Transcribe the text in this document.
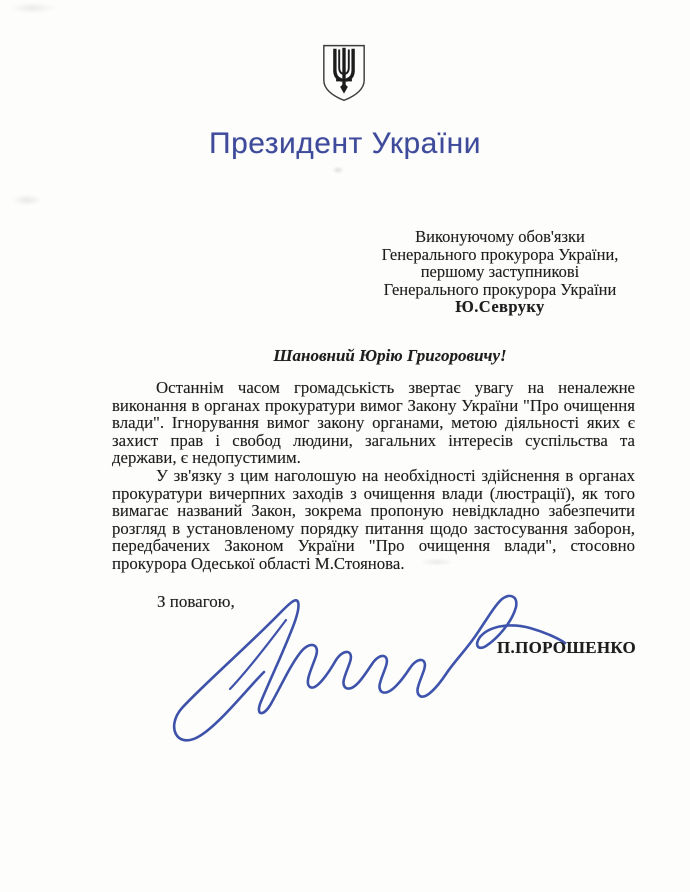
Президент України
Виконуючому обов'язки
Генерального прокурора України,
першому заступникові
Генерального прокурора України
Ю.Севруку
Шановний Юрію Григоровичу!

Останнім часом громадськість звертає увагу на неналежне виконання в органах прокуратури вимог Закону України "Про очищення влади". Ігнорування вимог закону органами, метою діяльності яких є захист прав і свобод людини, загальних інтересів суспільства та держави, є недопустимим.

У зв'язку з цим наголошую на необхідності здійснення в органах прокуратури вичерпних заходів з очищення влади (люстрації), як того вимагає названий Закон, зокрема пропоную невідкладно забезпечити розгляд в установленому порядку питання щодо застосування заборон, передбачених Законом України "Про очищення влади", стосовно прокурора Одеської області М.Стоянова.

З повагою,
П.ПОРОШЕНКО
